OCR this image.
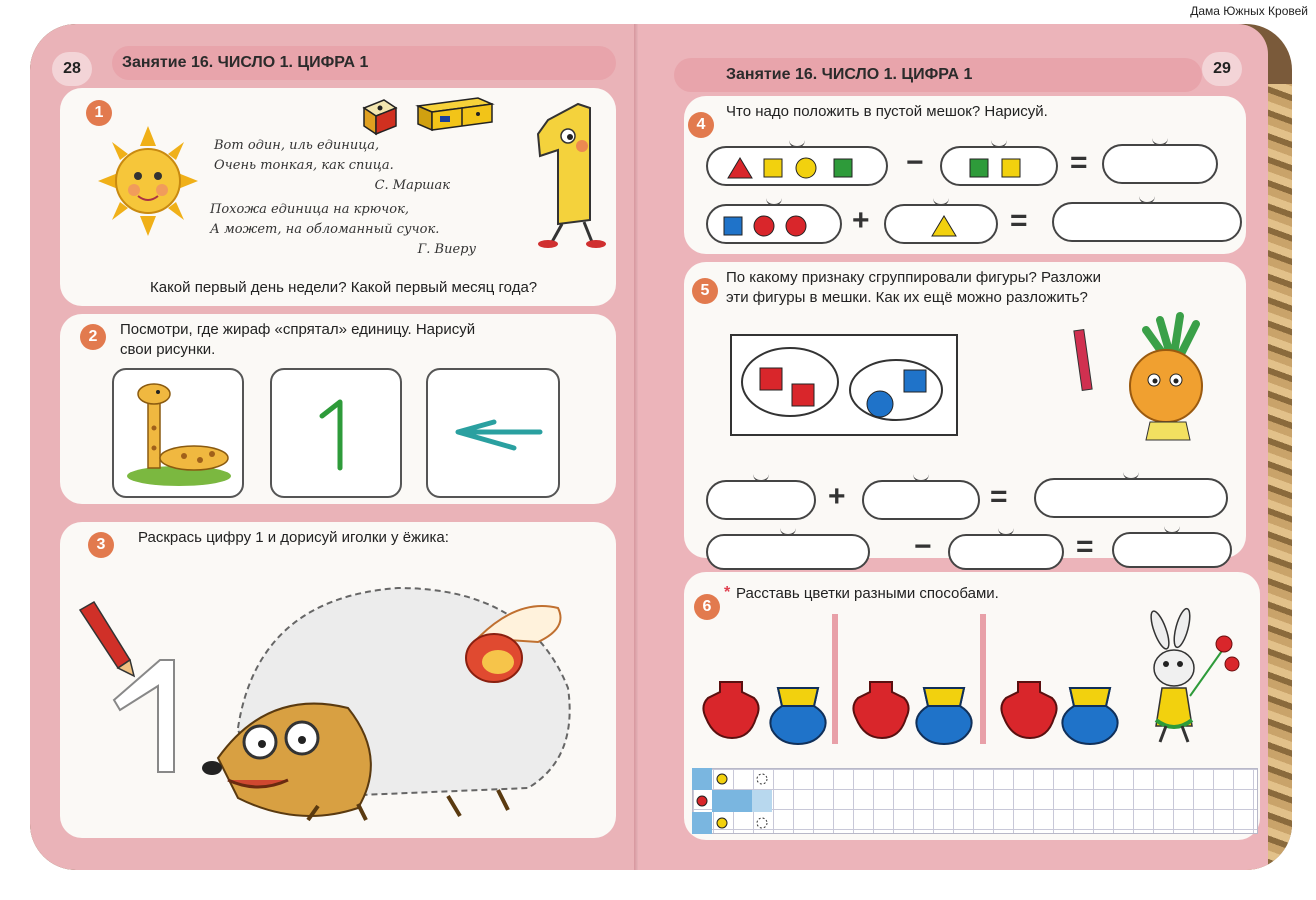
Дама Южных Кровей
28	Занятие 16. ЧИСЛО 1. ЦИФРА 1
1
Вот один, иль единица,
Очень тонкая, как спица.
С. Маршак
Похожа единица на крючок,
А может, на обломанный сучок.
Г. Виеру
Какой первый день недели? Какой первый месяц года?
2	Посмотри, где жираф «спрятал» единицу. Нарисуй
свои рисунки.
3	Раскрась цифру 1 и дорисуй иголки у ёжика:
Занятие 16. ЧИСЛО 1. ЦИФРА 1	29
4
Что надо положить в пустой мешок? Нарисуй.
−	=
+	=
5
По какому признаку сгруппировали фигуры? Разложи
эти фигуры в мешки. Как их ещё можно разложить?
+	=
−	=
6
* Расставь цветки разными способами.
RECOMMEND.RU
